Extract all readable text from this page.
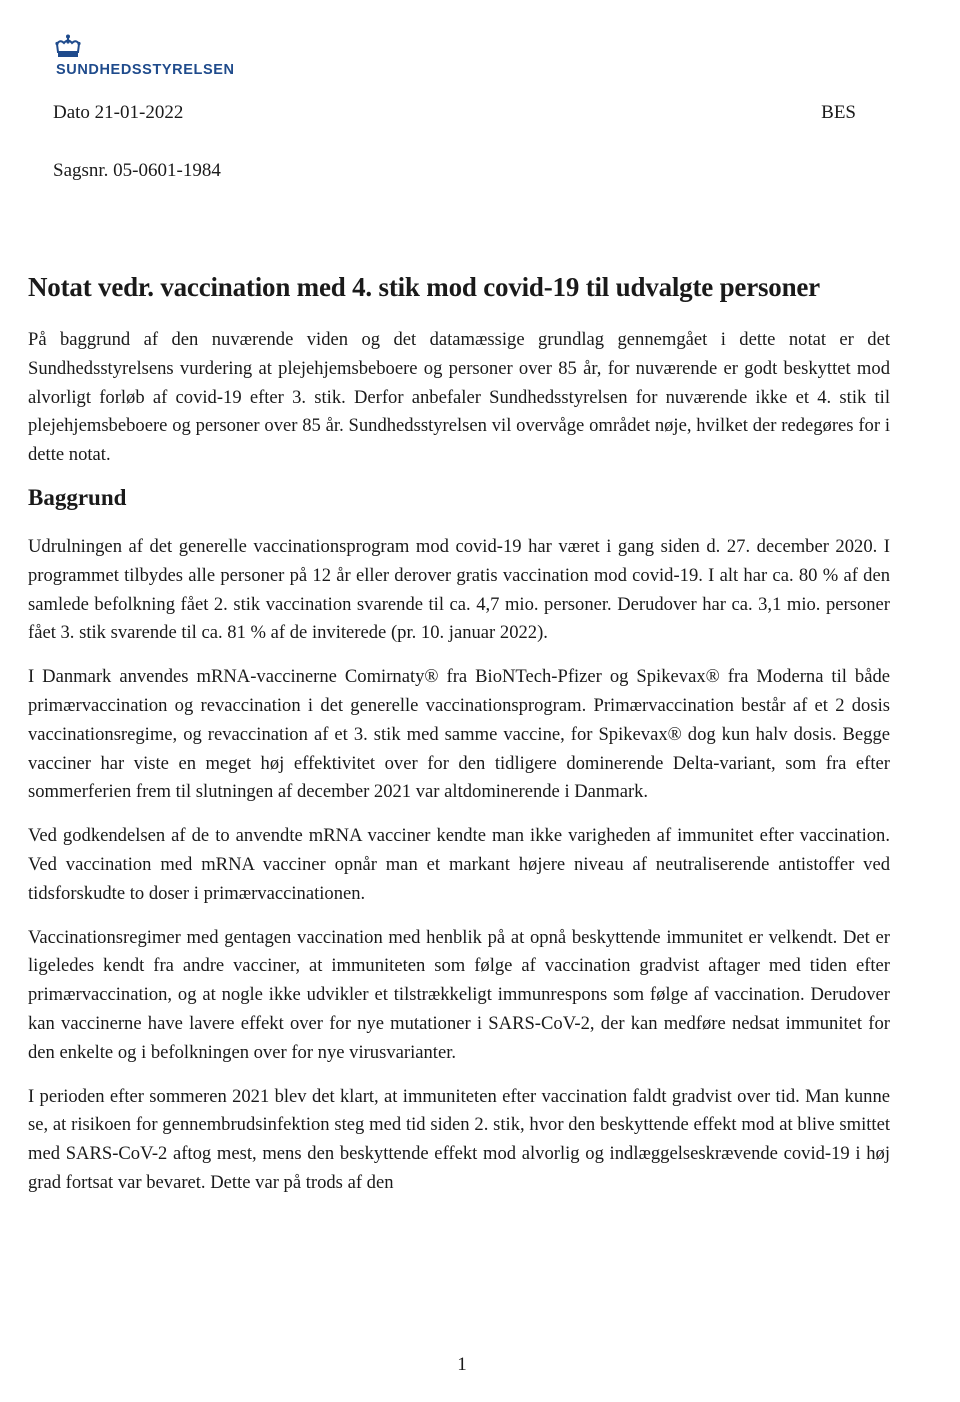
SUNDHEDSSTYRELSEN
Dato 21-01-2022	BES
Sagsnr. 05-0601-1984
Notat vedr. vaccination med 4. stik mod covid-19 til udvalgte personer

På baggrund af den nuværende viden og det datamæssige grundlag gennemgået i dette notat er det Sundhedsstyrelsens vurdering at plejehjemsbeboere og personer over 85 år, for nuværende er godt beskyttet mod alvorligt forløb af covid-19 efter 3. stik. Derfor anbefaler Sundhedsstyrelsen for nuværende ikke et 4. stik til plejehjemsbeboere og personer over 85 år. Sundhedsstyrelsen vil overvåge området nøje, hvilket der redegøres for i dette notat.

Baggrund

Udrulningen af det generelle vaccinationsprogram mod covid-19 har været i gang siden d. 27. december 2020. I programmet tilbydes alle personer på 12 år eller derover gratis vaccination mod covid-19. I alt har ca. 80 % af den samlede befolkning fået 2. stik vaccination svarende til ca. 4,7 mio. personer. Derudover har ca. 3,1 mio. personer fået 3. stik svarende til ca. 81 % af de inviterede (pr. 10. januar 2022).

I Danmark anvendes mRNA-vaccinerne Comirnaty® fra BioNTech-Pfizer og Spikevax® fra Moderna til både primærvaccination og revaccination i det generelle vaccinationsprogram. Primærvaccination består af et 2 dosis vaccinationsregime, og revaccination af et 3. stik med samme vaccine, for Spikevax® dog kun halv dosis. Begge vacciner har viste en meget høj effektivitet over for den tidligere dominerende Delta-variant, som fra efter sommerferien frem til slutningen af december 2021 var altdominerende i Danmark.

Ved godkendelsen af de to anvendte mRNA vacciner kendte man ikke varigheden af immunitet efter vaccination. Ved vaccination med mRNA vacciner opnår man et markant højere niveau af neutraliserende antistoffer ved tidsforskudte to doser i primærvaccinationen.

Vaccinationsregimer med gentagen vaccination med henblik på at opnå beskyttende immunitet er velkendt. Det er ligeledes kendt fra andre vacciner, at immuniteten som følge af vaccination gradvist aftager med tiden efter primærvaccination, og at nogle ikke udvikler et tilstrækkeligt immunrespons som følge af vaccination. Derudover kan vaccinerne have lavere effekt over for nye mutationer i SARS-CoV-2, der kan medføre nedsat immunitet for den enkelte og i befolkningen over for nye virusvarianter.

I perioden efter sommeren 2021 blev det klart, at immuniteten efter vaccination faldt gradvist over tid. Man kunne se, at risikoen for gennembrudsinfektion steg med tid siden 2. stik, hvor den beskyttende effekt mod at blive smittet med SARS-CoV-2 aftog mest, mens den beskyttende effekt mod alvorlig og indlæggelseskrævende covid-19 i høj grad fortsat var bevaret. Dette var på trods af den

1
